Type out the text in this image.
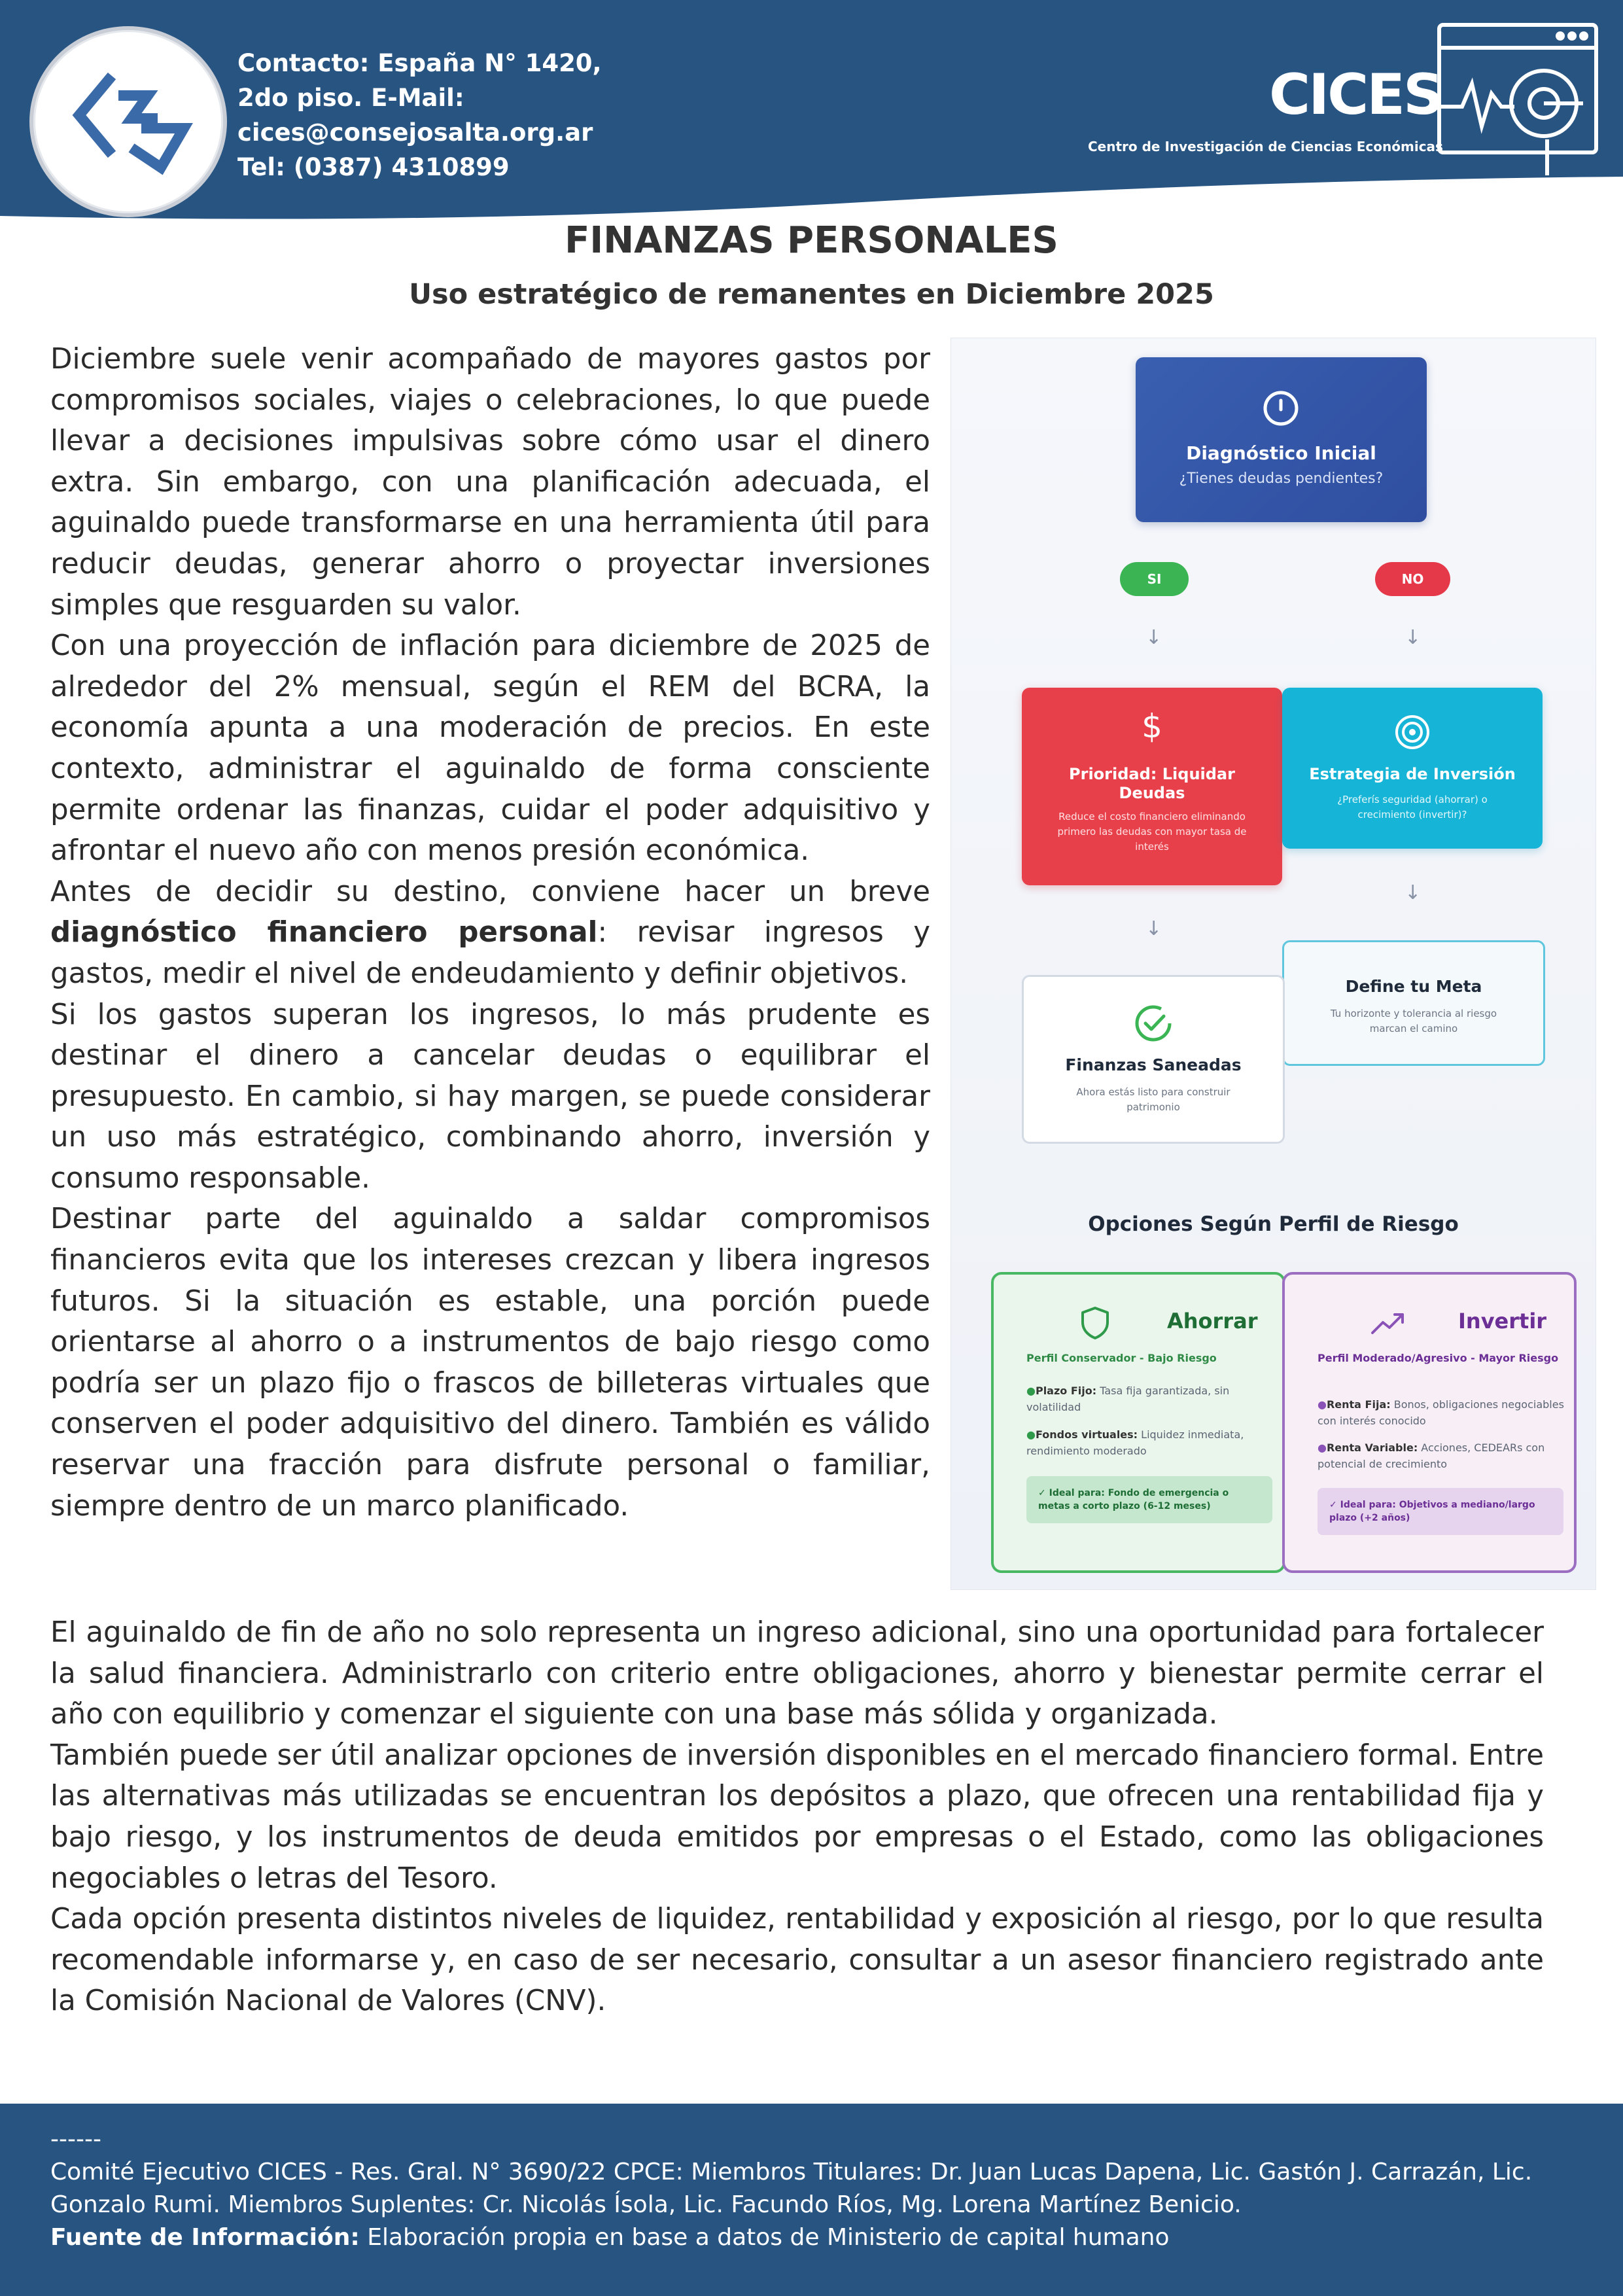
Contacto: España N° 1420,
2do piso. E-Mail:
cices@consejosalta.org.ar
Tel: (0387) 4310899
CICES
Centro de Investigación de Ciencias Económicas
FINANZAS PERSONALES
Uso estratégico de remanentes en Diciembre 2025

Diciembre suele venir acompañado de mayores gastos por compromisos sociales, viajes o celebraciones, lo que puede llevar a decisiones impulsivas sobre cómo usar el dinero extra. Sin embargo, con una planificación adecuada, el aguinaldo puede transformarse en una herramienta útil para reducir deudas, generar ahorro o proyectar inversiones simples que resguarden su valor.

Con una proyección de inflación para diciembre de 2025 de alrededor del 2% mensual, según el REM del BCRA, la economía apunta a una moderación de precios. En este contexto, administrar el aguinaldo de forma consciente permite ordenar las finanzas, cuidar el poder adquisitivo y afrontar el nuevo año con menos presión económica.

Antes de decidir su destino, conviene hacer un breve diagnóstico financiero personal: revisar ingresos y gastos, medir el nivel de endeudamiento y definir objetivos.

Si los gastos superan los ingresos, lo más prudente es destinar el dinero a cancelar deudas o equilibrar el presupuesto. En cambio, si hay margen, se puede considerar un uso más estratégico, combinando ahorro, inversión y consumo responsable.

Destinar parte del aguinaldo a saldar compromisos financieros evita que los intereses crezcan y libera ingresos futuros. Si la situación es estable, una porción puede orientarse al ahorro o a instrumentos de bajo riesgo como podría ser un plazo fijo o frascos de billeteras virtuales que conserven el poder adquisitivo del dinero. También es válido reservar una fracción para disfrute personal o familiar, siempre dentro de un marco planificado.

Diagnóstico Inicial
¿Tienes deudas pendientes?
SI	NO
↓	↓
$
Prioridad: Liquidar Deudas
Reduce el costo financiero eliminando primero las deudas con mayor tasa de interés
Estrategia de Inversión
¿Preferís seguridad (ahorrar) o crecimiento (invertir)?
↓
↓
Define tu Meta
Tu horizonte y tolerancia al riesgo marcan el camino
Finanzas Saneadas
Ahora estás listo para construir patrimonio
Opciones Según Perfil de Riesgo
Ahorrar
Perfil Conservador - Bajo Riesgo
●Plazo Fijo: Tasa fija garantizada, sin volatilidad
●Fondos virtuales: Liquidez inmediata, rendimiento moderado
✓ Ideal para: Fondo de emergencia o metas a corto plazo (6-12 meses)
Invertir
Perfil Moderado/Agresivo - Mayor Riesgo
●Renta Fija: Bonos, obligaciones negociables con interés conocido
●Renta Variable: Acciones, CEDEARs con potencial de crecimiento
✓ Ideal para: Objetivos a mediano/largo plazo (+2 años)

El aguinaldo de fin de año no solo representa un ingreso adicional, sino una oportunidad para fortalecer la salud financiera. Administrarlo con criterio entre obligaciones, ahorro y bienestar permite cerrar el año con equilibrio y comenzar el siguiente con una base más sólida y organizada.

También puede ser útil analizar opciones de inversión disponibles en el mercado financiero formal. Entre las alternativas más utilizadas se encuentran los depósitos a plazo, que ofrecen una rentabilidad fija y bajo riesgo, y los instrumentos de deuda emitidos por empresas o el Estado, como las obligaciones negociables o letras del Tesoro.

Cada opción presenta distintos niveles de liquidez, rentabilidad y exposición al riesgo, por lo que resulta recomendable informarse y, en caso de ser necesario, consultar a un asesor financiero registrado ante la Comisión Nacional de Valores (CNV).

------
Comité Ejecutivo CICES - Res. Gral. N° 3690/22 CPCE: Miembros Titulares: Dr. Juan Lucas Dapena, Lic. Gastón J. Carrazán, Lic. Gonzalo Rumi. Miembros Suplentes: Cr. Nicolás Ísola, Lic. Facundo Ríos, Mg. Lorena Martínez Benicio.
Fuente de Información: Elaboración propia en base a datos de Ministerio de capital humano
